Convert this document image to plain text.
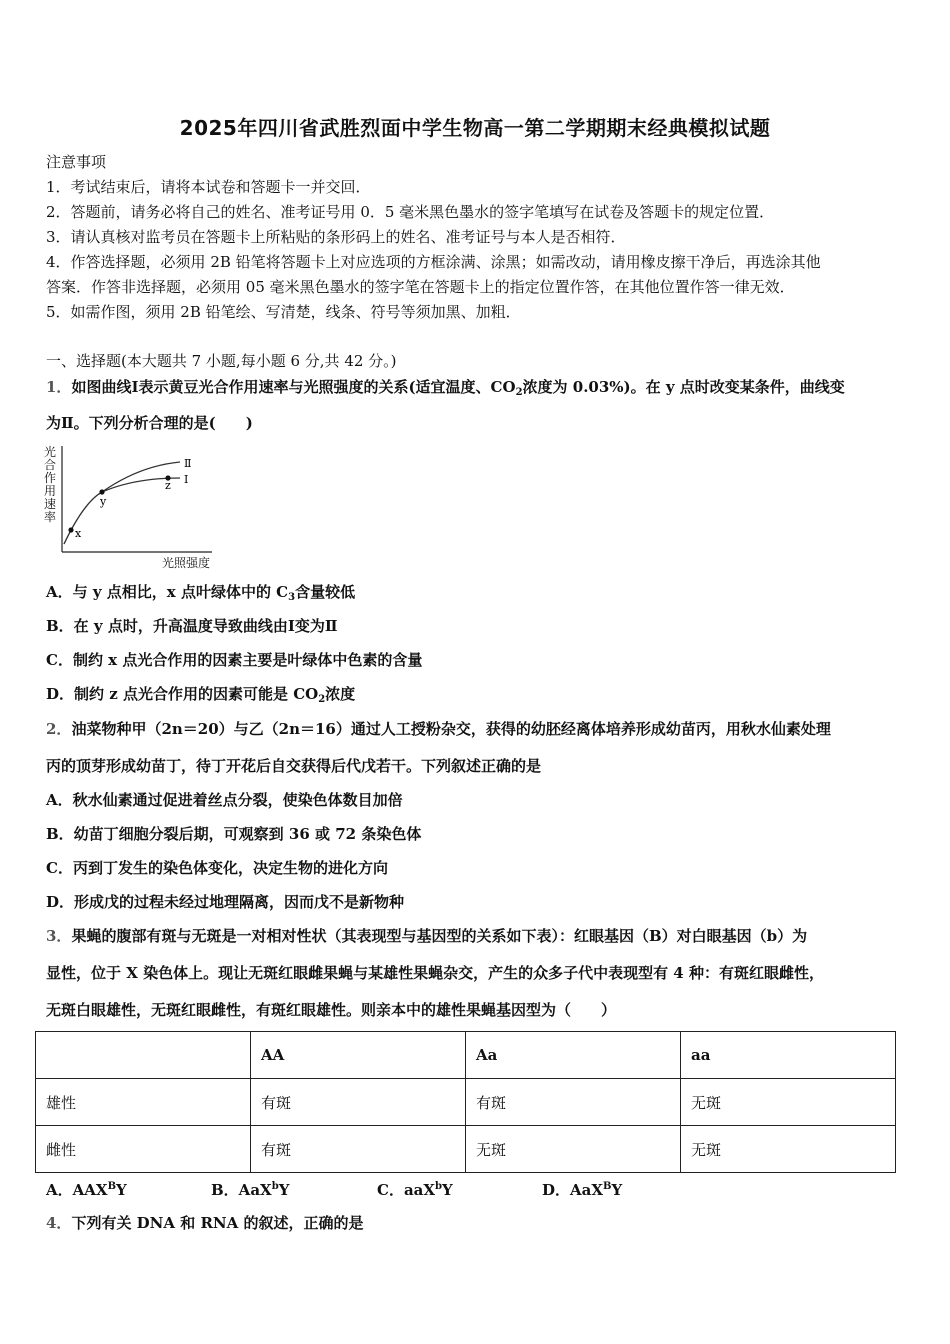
2025年四川省武胜烈面中学生物高一第二学期期末经典模拟试题
注意事项
1．考试结束后，请将本试卷和答题卡一并交回．
2．答题前，请务必将自己的姓名、准考证号用 0．5 毫米黑色墨水的签字笔填写在试卷及答题卡的规定位置．
3．请认真核对监考员在答题卡上所粘贴的条形码上的姓名、准考证号与本人是否相符．
4．作答选择题，必须用 2B 铅笔将答题卡上对应选项的方框涂满、涂黑；如需改动，请用橡皮擦干净后，再选涂其他
答案．作答非选择题，必须用 05 毫米黑色墨水的签字笔在答题卡上的指定位置作答，在其他位置作答一律无效．
5．如需作图，须用 2B 铅笔绘、写清楚，线条、符号等须加黑、加粗．
一、选择题(本大题共 7 小题,每小题 6 分,共 42 分。)
1．如图曲线Ⅰ表示黄豆光合作用速率与光照强度的关系(适宜温度、$CO_2$浓度为 0.03%)。在 y 点时改变某条件，曲线变
为Ⅱ。下列分析合理的是(　　)
光合作用速率
x
y
z
Ⅱ
Ⅰ
光照强度
A．与 y 点相比，x 点叶绿体中的 $C_3$含量较低
B．在 y 点时，升高温度导致曲线由Ⅰ变为Ⅱ
C．制约 x 点光合作用的因素主要是叶绿体中色素的含量
D．制约 z 点光合作用的因素可能是 $CO_2$浓度
2．油菜物种甲（2n＝20）与乙（2n＝16）通过人工授粉杂交，获得的幼胚经离体培养形成幼苗丙，用秋水仙素处理
丙的顶芽形成幼苗丁，待丁开花后自交获得后代戊若干。下列叙述正确的是
A．秋水仙素通过促进着丝点分裂，使染色体数目加倍
B．幼苗丁细胞分裂后期，可观察到 36 或 72 条染色体
C．丙到丁发生的染色体变化，决定生物的进化方向
D．形成戊的过程未经过地理隔离，因而戊不是新物种
3．果蝇的腹部有斑与无斑是一对相对性状（其表现型与基因型的关系如下表）：红眼基因（B）对白眼基因（b）为
显性，位于 X 染色体上。现让无斑红眼雌果蝇与某雄性果蝇杂交，产生的众多子代中表现型有 4 种：有斑红眼雌性，
无斑白眼雄性，无斑红眼雌性，有斑红眼雄性。则亲本中的雄性果蝇基因型为（　　）
	AA	Aa	aa
雄性	有斑	有斑	无斑
雌性	有斑	无斑	无斑
A．$AAX^BY$	B．AaX$^b$Y	C．aaX$^b$Y	D．AaX$^B$Y
4．下列有关 DNA 和 RNA 的叙述，正确的是
